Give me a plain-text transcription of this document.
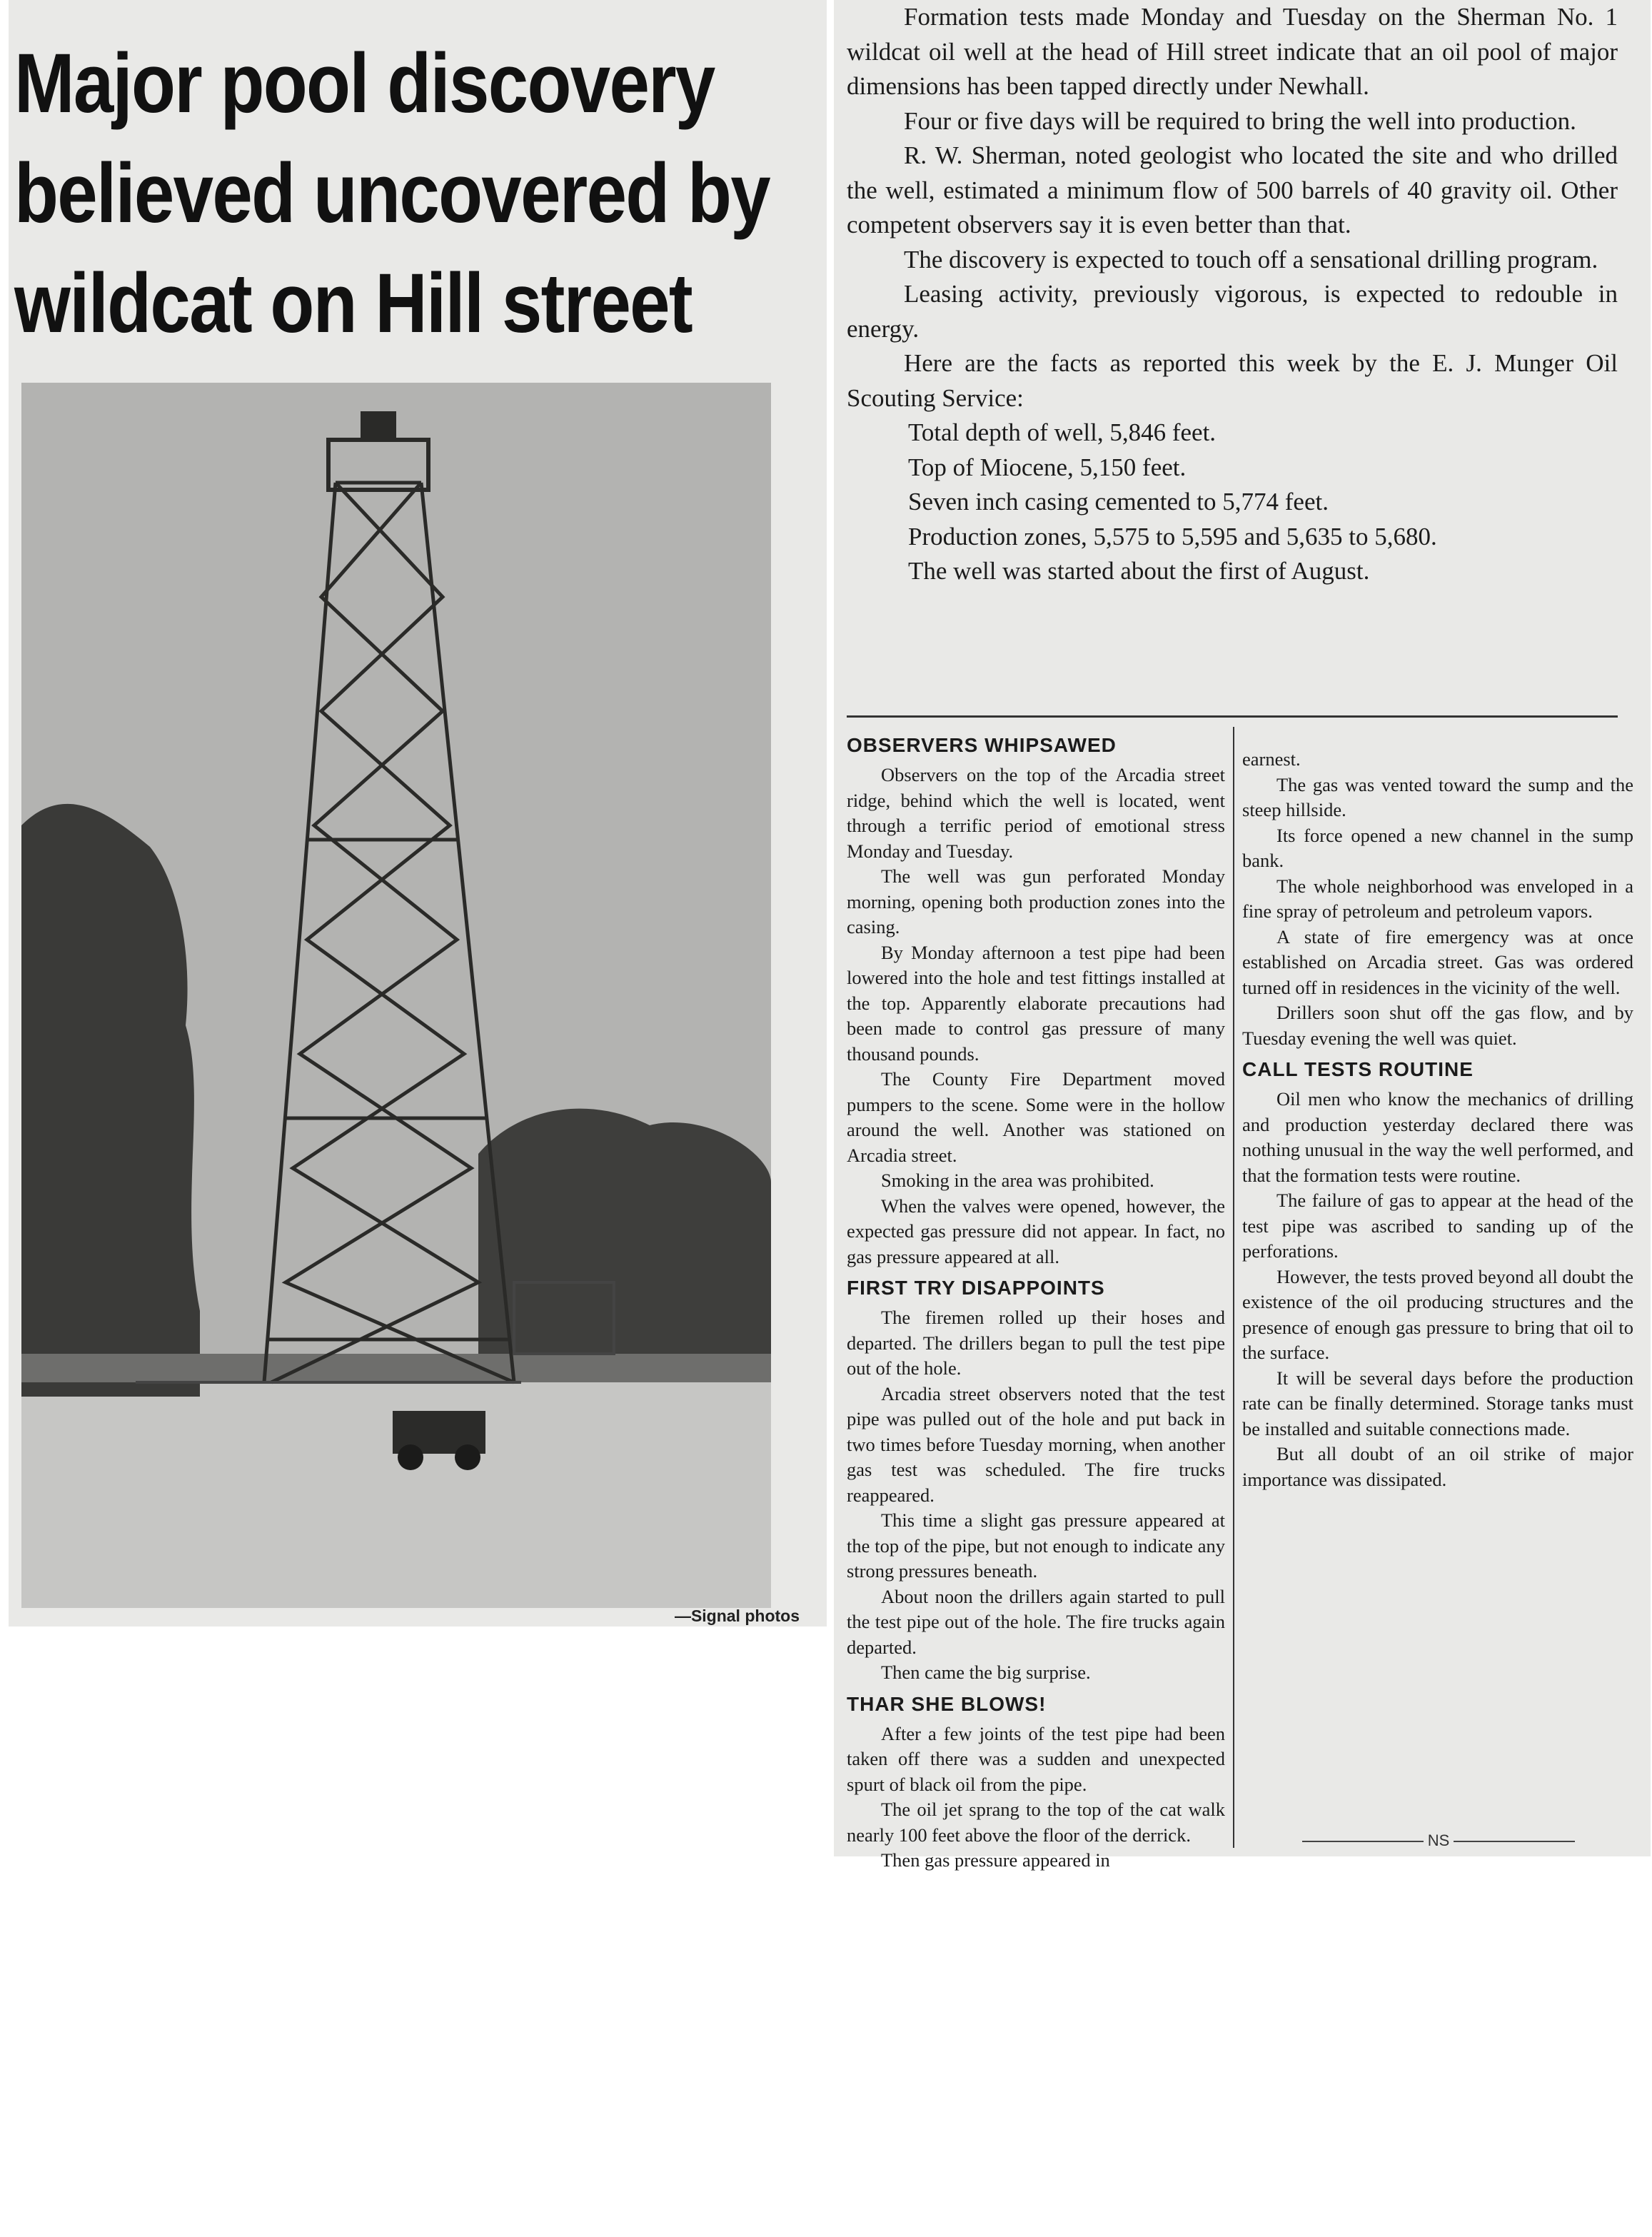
Major pool discovery
believed uncovered by
wildcat on Hill street
—Signal photos

Formation tests made Monday and Tuesday on the Sherman No. 1 wildcat oil well at the head of Hill street indicate that an oil pool of major dimensions has been tapped directly under Newhall.

Four or five days will be required to bring the well into production.

R. W. Sherman, noted geologist who located the site and who drilled the well, estimated a minimum flow of 500 barrels of 40 gravity oil. Other competent observers say it is even better than that.

The discovery is expected to touch off a sensational drilling program.

Leasing activity, previously vigorous, is expected to redouble in energy.

Here are the facts as reported this week by the E. J. Munger Oil Scouting Service:

Total depth of well, 5,846 feet.

Top of Miocene, 5,150 feet.

Seven inch casing cemented to 5,774 feet.

Production zones, 5,575 to 5,595 and 5,635 to 5,680.

The well was started about the first of August.

OBSERVERS WHIPSAWED

Observers on the top of the Arcadia street ridge, behind which the well is located, went through a terrific period of emotional stress Monday and Tuesday.

The well was gun perforated Monday morning, opening both production zones into the casing.

By Monday afternoon a test pipe had been lowered into the hole and test fittings installed at the top. Apparently elaborate precautions had been made to control gas pressure of many thousand pounds.

The County Fire Department moved pumpers to the scene. Some were in the hollow around the well. Another was stationed on Arcadia street.

Smoking in the area was prohibited.

When the valves were opened, however, the expected gas pressure did not appear. In fact, no gas pressure appeared at all.

FIRST TRY DISAPPOINTS

The firemen rolled up their hoses and departed. The drillers began to pull the test pipe out of the hole.

Arcadia street observers noted that the test pipe was pulled out of the hole and put back in two times before Tuesday morning, when another gas test was scheduled. The fire trucks reappeared.

This time a slight gas pressure appeared at the top of the pipe, but not enough to indicate any strong pressures beneath.

About noon the drillers again started to pull the test pipe out of the hole. The fire trucks again departed.

Then came the big surprise.

THAR SHE BLOWS!

After a few joints of the test pipe had been taken off there was a sudden and unexpected spurt of black oil from the pipe.

The oil jet sprang to the top of the cat walk nearly 100 feet above the floor of the derrick.

Then gas pressure appeared in

earnest.

The gas was vented toward the sump and the steep hillside.

Its force opened a new channel in the sump bank.

The whole neighborhood was enveloped in a fine spray of petroleum and petroleum vapors.

A state of fire emergency was at once established on Arcadia street. Gas was ordered turned off in residences in the vicinity of the well.

Drillers soon shut off the gas flow, and by Tuesday evening the well was quiet.

CALL TESTS ROUTINE

Oil men who know the mechanics of drilling and production yesterday declared there was nothing unusual in the way the well performed, and that the formation tests were routine.

The failure of gas to appear at the head of the test pipe was ascribed to sanding up of the perforations.

However, the tests proved beyond all doubt the existence of the oil producing structures and the presence of enough gas pressure to bring that oil to the surface.

It will be several days before the production rate can be finally determined. Storage tanks must be installed and suitable connections made.

But all doubt of an oil strike of major importance was dissipated.

NS
